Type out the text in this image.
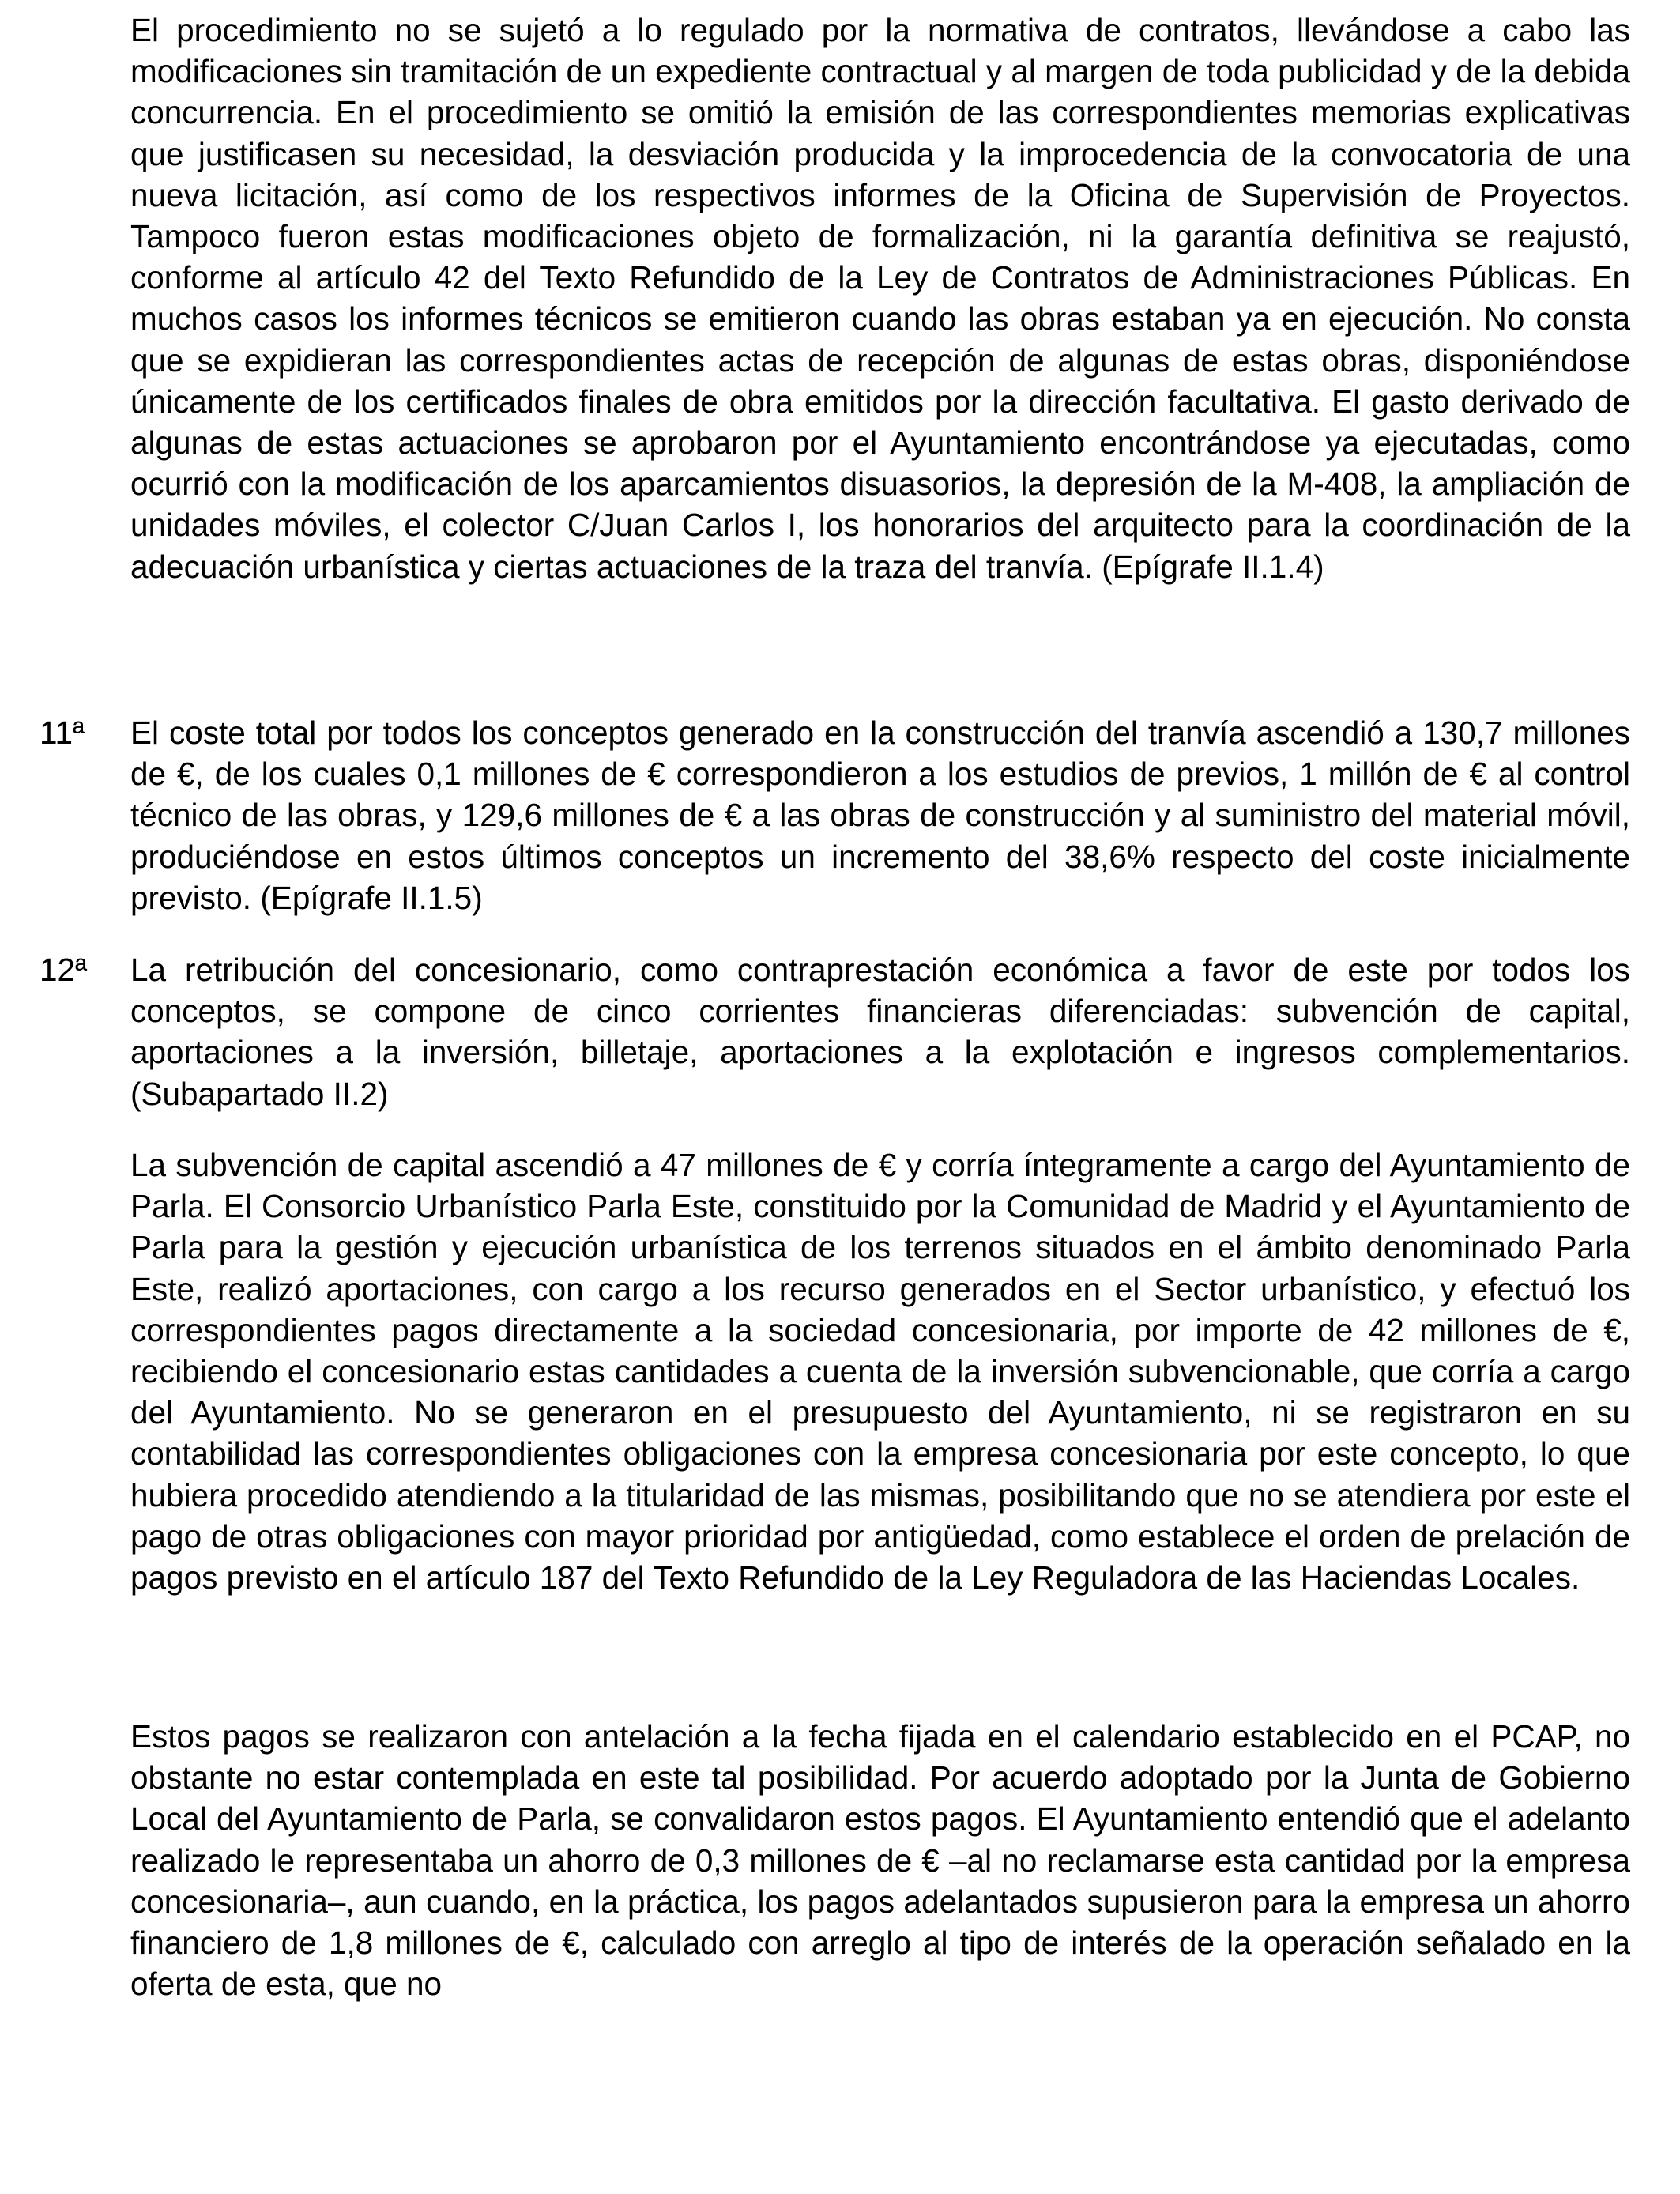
El procedimiento no se sujetó a lo regulado por la normativa de contratos, llevándose a cabo las modificaciones sin tramitación de un expediente contractual y al margen de toda publicidad y de la debida concurrencia. En el procedimiento se omitió la emisión de las correspondientes memorias explicativas que justificasen su necesidad, la desviación producida y la improcedencia de la convocatoria de una nueva licitación, así como de los respectivos informes de la Oficina de Supervisión de Proyectos. Tampoco fueron estas modificaciones objeto de formalización, ni la garantía definitiva se reajustó, conforme al artículo 42 del Texto Refundido de la Ley de Contratos de Administraciones Públicas. En muchos casos los informes técnicos se emitieron cuando las obras estaban ya en ejecución. No consta que se expidieran las correspondientes actas de recepción de algunas de estas obras, disponiéndose únicamente de los certificados finales de obra emitidos por la dirección facultativa. El gasto derivado de algunas de estas actuaciones se aprobaron por el Ayuntamiento encontrándose ya ejecutadas, como ocurrió con la modificación de los aparcamientos disuasorios, la depresión de la M-408, la ampliación de unidades móviles, el colector C/Juan Carlos I, los honorarios del arquitecto para la coordinación de la adecuación urbanística y ciertas actuaciones de la traza del tranvía. (Epígrafe II.1.4)
11ª El coste total por todos los conceptos generado en la construcción del tranvía ascendió a 130,7 millones de €, de los cuales 0,1 millones de € correspondieron a los estudios de previos, 1 millón de € al control técnico de las obras, y 129,6 millones de € a las obras de construcción y al suministro del material móvil, produciéndose en estos últimos conceptos un incremento del 38,6% respecto del coste inicialmente previsto. (Epígrafe II.1.5)
12ª La retribución del concesionario, como contraprestación económica a favor de este por todos los conceptos, se compone de cinco corrientes financieras diferenciadas: subvención de capital, aportaciones a la inversión, billetaje, aportaciones a la explotación e ingresos complementarios. (Subapartado II.2)
La subvención de capital ascendió a 47 millones de € y corría íntegramente a cargo del Ayuntamiento de Parla. El Consorcio Urbanístico Parla Este, constituido por la Comunidad de Madrid y el Ayuntamiento de Parla para la gestión y ejecución urbanística de los terrenos situados en el ámbito denominado Parla Este, realizó aportaciones, con cargo a los recurso generados en el Sector urbanístico, y efectuó los correspondientes pagos directamente a la sociedad concesionaria, por importe de 42 millones de €, recibiendo el concesionario estas cantidades a cuenta de la inversión subvencionable, que corría a cargo del Ayuntamiento. No se generaron en el presupuesto del Ayuntamiento, ni se registraron en su contabilidad las correspondientes obligaciones con la empresa concesionaria por este concepto, lo que hubiera procedido atendiendo a la titularidad de las mismas, posibilitando que no se atendiera por este el pago de otras obligaciones con mayor prioridad por antigüedad, como establece el orden de prelación de pagos previsto en el artículo 187 del Texto Refundido de la Ley Reguladora de las Haciendas Locales.
Estos pagos se realizaron con antelación a la fecha fijada en el calendario establecido en el PCAP, no obstante no estar contemplada en este tal posibilidad. Por acuerdo adoptado por la Junta de Gobierno Local del Ayuntamiento de Parla, se convalidaron estos pagos. El Ayuntamiento entendió que el adelanto realizado le representaba un ahorro de 0,3 millones de € –al no reclamarse esta cantidad por la empresa concesionaria–, aun cuando, en la práctica, los pagos adelantados supusieron para la empresa un ahorro financiero de 1,8 millones de €, calculado con arreglo al tipo de interés de la operación señalado en la oferta de esta, que no
